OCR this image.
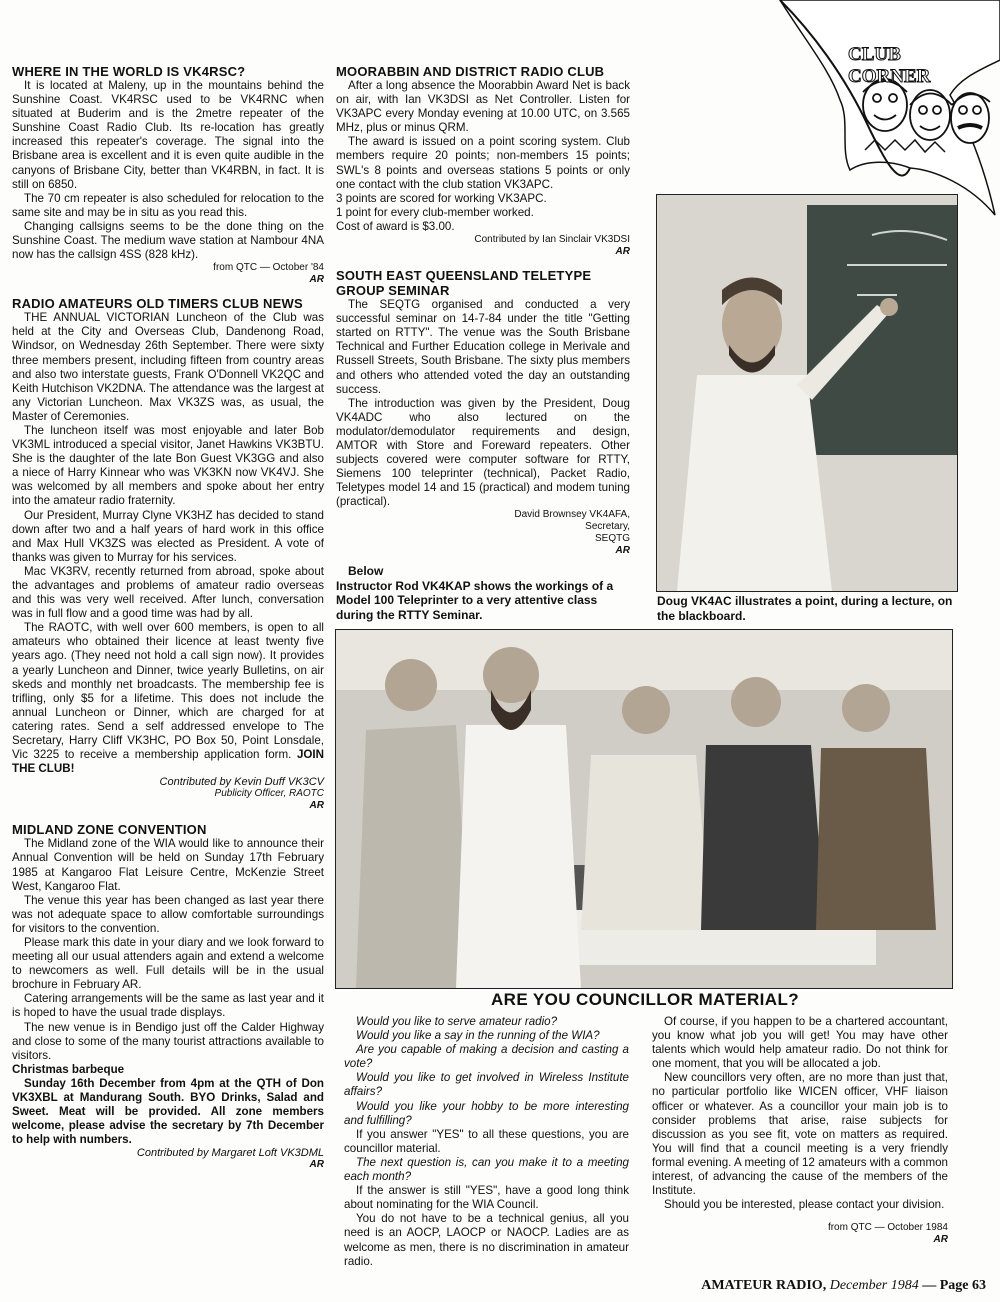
CLUB
CORNER
WHERE IN THE WORLD IS VK4RSC?

It is located at Maleny, up in the mountains behind the Sunshine Coast. VK4RSC used to be VK4RNC when situated at Buderim and is the 2metre repeater of the Sunshine Coast Radio Club. Its re-location has greatly increased this repeater's coverage. The signal into the Brisbane area is excellent and it is even quite audible in the canyons of Brisbane City, better than VK4RBN, in fact. It is still on 6850.

The 70 cm repeater is also scheduled for relocation to the same site and may be in situ as you read this.

Changing callsigns seems to be the done thing on the Sunshine Coast. The medium wave station at Nambour 4NA now has the callsign 4SS (828 kHz).

from QTC — October '84
AR
RADIO AMATEURS OLD TIMERS CLUB NEWS

THE ANNUAL VICTORIAN Luncheon of the Club was held at the City and Overseas Club, Dandenong Road, Windsor, on Wednesday 26th September. There were sixty three members present, including fifteen from country areas and also two interstate guests, Frank O'Donnell VK2QC and Keith Hutchison VK2DNA. The attendance was the largest at any Victorian Luncheon. Max VK3ZS was, as usual, the Master of Ceremonies.

The luncheon itself was most enjoyable and later Bob VK3ML introduced a special visitor, Janet Hawkins VK3BTU. She is the daughter of the late Bon Guest VK3GG and also a niece of Harry Kinnear who was VK3KN now VK4VJ. She was welcomed by all members and spoke about her entry into the amateur radio fraternity.

Our President, Murray Clyne VK3HZ has decided to stand down after two and a half years of hard work in this office and Max Hull VK3ZS was elected as President. A vote of thanks was given to Murray for his services.

Mac VK3RV, recently returned from abroad, spoke about the advantages and problems of amateur radio overseas and this was very well received. After lunch, conversation was in full flow and a good time was had by all.

The RAOTC, with well over 600 members, is open to all amateurs who obtained their licence at least twenty five years ago. (They need not hold a call sign now). It provides a yearly Luncheon and Dinner, twice yearly Bulletins, on air skeds and monthly net broadcasts. The membership fee is trifling, only $5 for a lifetime. This does not include the annual Luncheon or Dinner, which are charged for at catering rates. Send a self addressed envelope to The Secretary, Harry Cliff VK3HC, PO Box 50, Point Lonsdale, Vic 3225 to receive a membership application form. JOIN THE CLUB!

Contributed by Kevin Duff VK3CV
Publicity Officer, RAOTC
AR
MIDLAND ZONE CONVENTION

The Midland zone of the WIA would like to announce their Annual Convention will be held on Sunday 17th February 1985 at Kangaroo Flat Leisure Centre, McKenzie Street West, Kangaroo Flat.

The venue this year has been changed as last year there was not adequate space to allow comfortable surroundings for visitors to the convention.

Please mark this date in your diary and we look forward to meeting all our usual attenders again and extend a welcome to newcomers as well. Full details will be in the usual brochure in February AR.

Catering arrangements will be the same as last year and it is hoped to have the usual trade displays.

The new venue is in Bendigo just off the Calder Highway and close to some of the many tourist attractions available to visitors.

Christmas barbeque

Sunday 16th December from 4pm at the QTH of Don VK3XBL at Mandurang South. BYO Drinks, Salad and Sweet. Meat will be provided. All zone members welcome, please advise the secretary by 7th December to help with numbers.

Contributed by Margaret Loft VK3DML
AR
MOORABBIN AND DISTRICT RADIO CLUB

After a long absence the Moorabbin Award Net is back on air, with Ian VK3DSI as Net Controller. Listen for VK3APC every Monday evening at 10.00 UTC, on 3.565 MHz, plus or minus QRM.

The award is issued on a point scoring system. Club members require 20 points; non-members 15 points; SWL's 8 points and overseas stations 5 points or only one contact with the club station VK3APC.

3 points are scored for working VK3APC.
1 point for every club-member worked.
Cost of award is $3.00.
Contributed by Ian Sinclair VK3DSI
AR
SOUTH EAST QUEENSLAND TELETYPE GROUP SEMINAR

The SEQTG organised and conducted a very successful seminar on 14-7-84 under the title "Getting started on RTTY". The venue was the South Brisbane Technical and Further Education college in Merivale and Russell Streets, South Brisbane. The sixty plus members and others who attended voted the day an outstanding success.

The introduction was given by the President, Doug VK4ADC who also lectured on the modulator/demodulator requirements and design, AMTOR with Store and Foreward repeaters. Other subjects covered were computer software for RTTY, Siemens 100 teleprinter (technical), Packet Radio, Teletypes model 14 and 15 (practical) and modem tuning (practical).

David Brownsey VK4AFA,
Secretary,
SEQTG
AR
Below
Instructor Rod VK4KAP shows the workings of a Model 100 Teleprinter to a very attentive class during the RTTY Seminar.
Doug VK4AC illustrates a point, during a lecture, on the blackboard.
ARE YOU COUNCILLOR MATERIAL?

Would you like to serve amateur radio?

Would you like a say in the running of the WIA?

Are you capable of making a decision and casting a vote?

Would you like to get involved in Wireless Institute affairs?

Would you like your hobby to be more interesting and fulfilling?

If you answer "YES" to all these questions, you are councillor material.

The next question is, can you make it to a meeting each month?

If the answer is still "YES", have a good long think about nominating for the WIA Council.

You do not have to be a technical genius, all you need is an AOCP, LAOCP or NAOCP. Ladies are as welcome as men, there is no discrimination in amateur radio.

Of course, if you happen to be a chartered accountant, you know what job you will get! You may have other talents which would help amateur radio. Do not think for one moment, that you will be allocated a job.

New councillors very often, are no more than just that, no particular portfolio like WICEN officer, VHF liaison officer or whatever. As a councillor your main job is to consider problems that arise, raise subjects for discussion as you see fit, vote on matters as required. You will find that a council meeting is a very friendly formal evening. A meeting of 12 amateurs with a common interest, of advancing the cause of the members of the Institute.

Should you be interested, please contact your division.

from QTC — October 1984
AR
AMATEUR RADIO, December 1984 — Page 63
